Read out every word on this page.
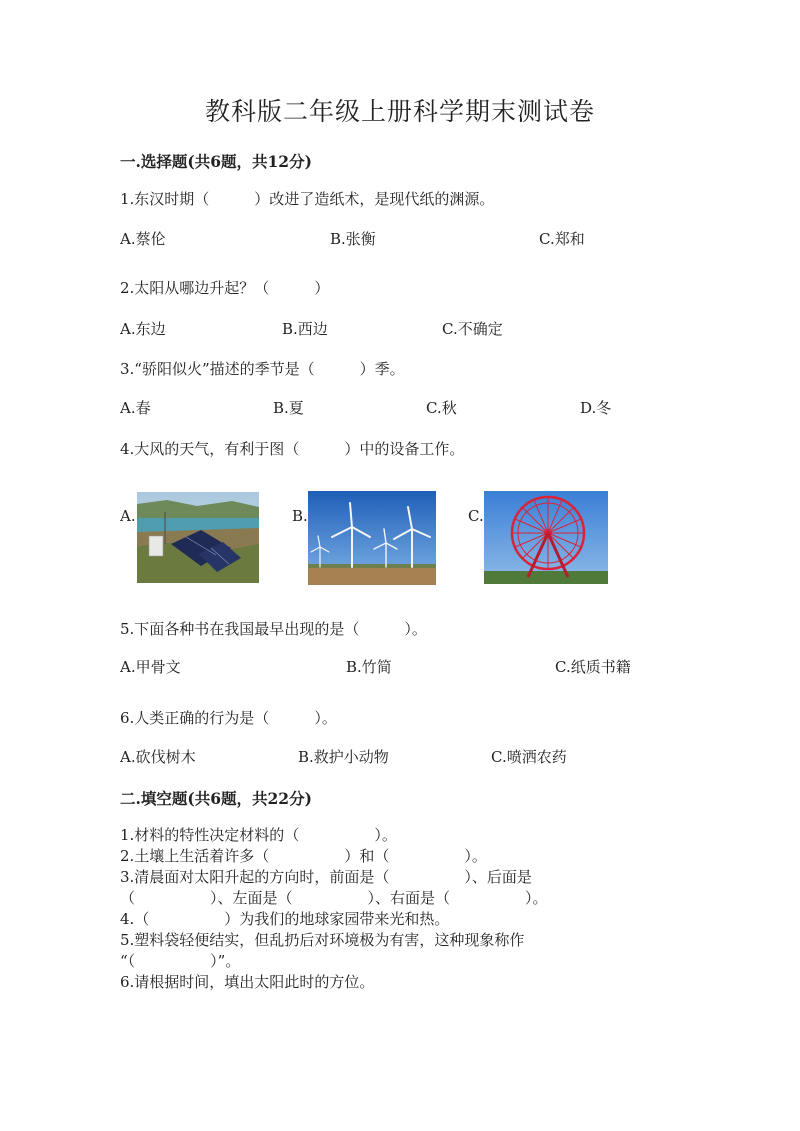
教科版二年级上册科学期末测试卷
一.选择题(共6题，共12分)
1.东汉时期（　　　）改进了造纸术，是现代纸的渊源。
A.蔡伦	B.张衡	C.郑和
2.太阳从哪边升起？（　　　）
A.东边	B.西边	C.不确定
3.“骄阳似火”描述的季节是（　　　）季。
A.春	B.夏	C.秋	D.冬
4.大风的天气，有利于图（　　　）中的设备工作。
A.	B.	C.
5.下面各种书在我国最早出现的是（　　　）。
A.甲骨文	B.竹简	C.纸质书籍
6.人类正确的行为是（　　　）。
A.砍伐树木	B.救护小动物	C.喷洒农药
二.填空题(共6题，共22分)
1.材料的特性决定材料的（　　　　　）。
2.土壤上生活着许多（　　　　　）和（　　　　　）。
3.清晨面对太阳升起的方向时，前面是（　　　　　）、后面是
（　　　　　）、左面是（　　　　　）、右面是（　　　　　）。
4.（　　　　　）为我们的地球家园带来光和热。
5.塑料袋轻便结实，但乱扔后对环境极为有害，这种现象称作
“（　　　　　）”。
6.请根据时间，填出太阳此时的方位。
